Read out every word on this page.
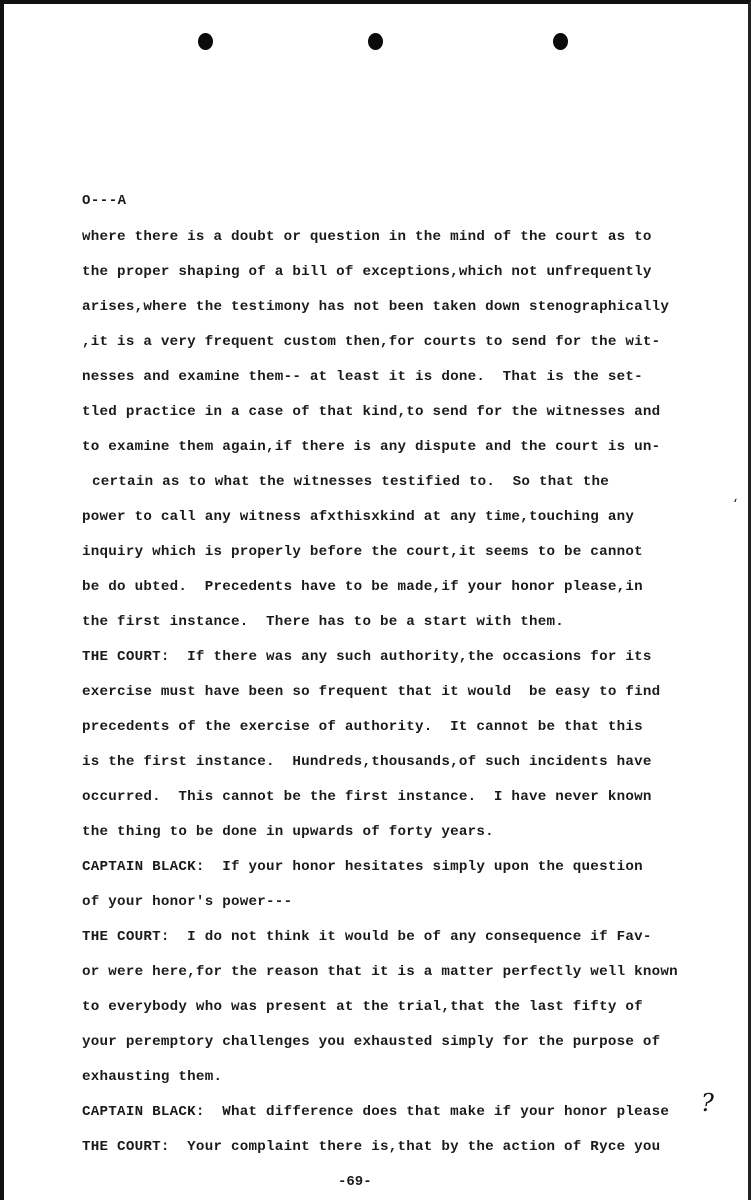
O---A
where there is a doubt or question in the mind of the court as to
the proper shaping of a bill of exceptions,which not unfrequently
arises,where the testimony has not been taken down stenographically
,it is a very frequent custom then,for courts to send for the wit-
nesses and examine them-- at least it is done.  That is the set-
tled practice in a case of that kind,to send for the witnesses and
to examine them again,if there is any dispute and the court is un-
certain as to what the witnesses testified to.  So that the
power to call any witness afxthisxkind at any time,touching any
inquiry which is properly before the court,it seems to be cannot
be do ubted.  Precedents have to be made,if your honor please,in
the first instance.  There has to be a start with them.
THE COURT:  If there was any such authority,the occasions for its
exercise must have been so frequent that it would  be easy to find
precedents of the exercise of authority.  It cannot be that this
is the first instance.  Hundreds,thousands,of such incidents have
occurred.  This cannot be the first instance.  I have never known
the thing to be done in upwards of forty years.
CAPTAIN BLACK:  If your honor hesitates simply upon the question
of your honor's power---
THE COURT:  I do not think it would be of any consequence if Fav-
or were here,for the reason that it is a matter perfectly well known
to everybody who was present at the trial,that the last fifty of
your peremptory challenges you exhausted simply for the purpose of
exhausting them.
CAPTAIN BLACK:  What difference does that make if your honor please
THE COURT:  Your complaint there is,that by the action of Ryce you
‘
?
-69-
